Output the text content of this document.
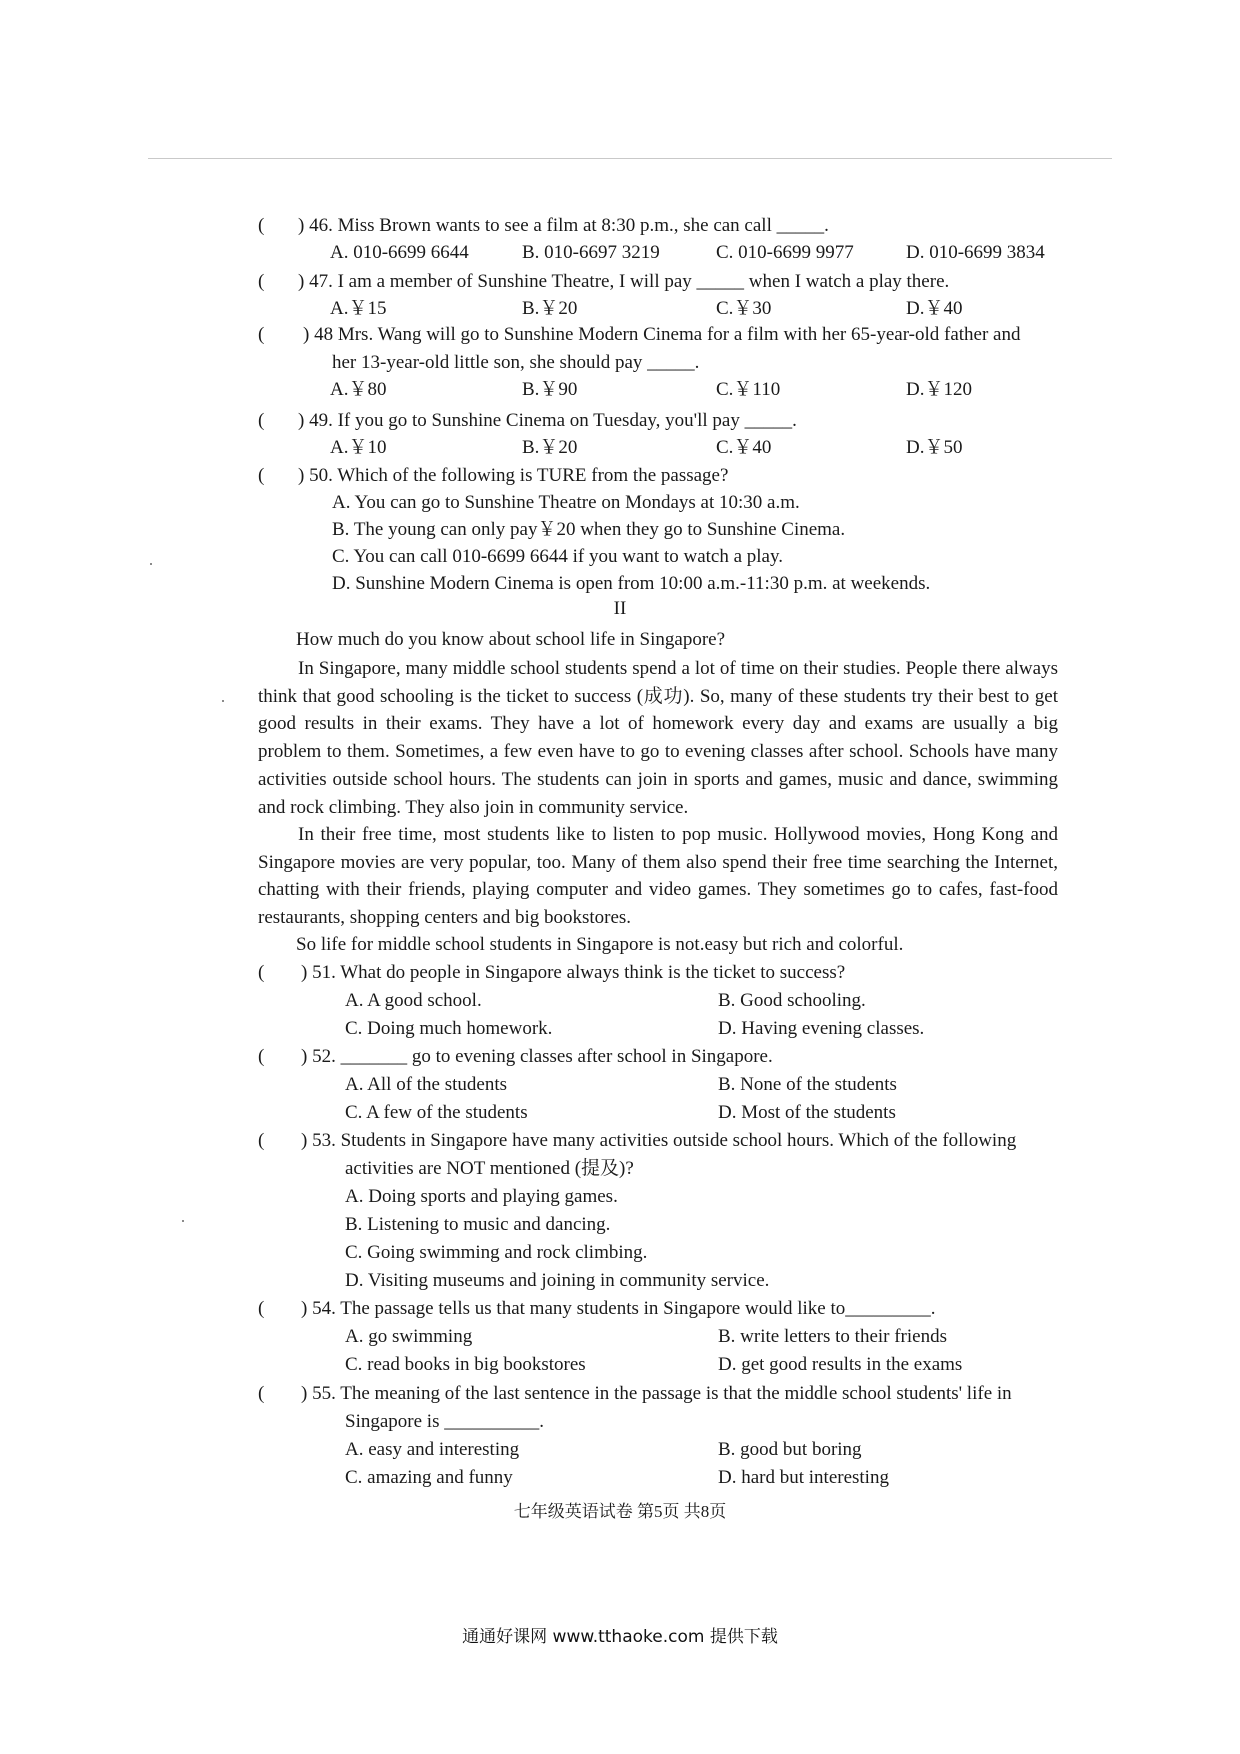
( ) 46. Miss Brown wants to see a film at 8:30 p.m., she can call _____.
A. 010-6699 6644	B. 010-6697 3219	C. 010-6699 9977	D. 010-6699 3834
( ) 47. I am a member of Sunshine Theatre, I will pay _____ when I watch a play there.
A.￥15	B.￥20	C.￥30	D.￥40
( ) 48 Mrs. Wang will go to Sunshine Modern Cinema for a film with her 65-year-old father and
her 13-year-old little son, she should pay _____.
A.￥80	B.￥90	C.￥110	D.￥120
( ) 49. If you go to Sunshine Cinema on Tuesday, you'll pay _____.
A.￥10	B.￥20	C.￥40	D.￥50
( ) 50. Which of the following is TURE from the passage?
A. You can go to Sunshine Theatre on Mondays at 10:30 a.m.
B. The young can only pay￥20 when they go to Sunshine Cinema.
C. You can call 010-6699 6644 if you want to watch a play.
D. Sunshine Modern Cinema is open from 10:00 a.m.-11:30 p.m. at weekends.
II
How much do you know about school life in Singapore?
In Singapore, many middle school students spend a lot of time on their studies. People there always think that good schooling is the ticket to success (成功). So, many of these students try their best to get good results in their exams. They have a lot of homework every day and exams are usually a big problem to them. Sometimes, a few even have to go to evening classes after school. Schools have many activities outside school hours. The students can join in sports and games, music and dance, swimming and rock climbing. They also join in community service.
In their free time, most students like to listen to pop music. Hollywood movies, Hong Kong and Singapore movies are very popular, too. Many of them also spend their free time searching the Internet, chatting with their friends, playing computer and video games. They sometimes go to cafes, fast-food restaurants, shopping centers and big bookstores.
So life for middle school students in Singapore is not.easy but rich and colorful.
( ) 51. What do people in Singapore always think is the ticket to success?
A. A good school.	B. Good schooling.
C. Doing much homework.	D. Having evening classes.
( ) 52. _______ go to evening classes after school in Singapore.
A. All of the students	B. None of the students
C. A few of the students	D. Most of the students
( ) 53. Students in Singapore have many activities outside school hours. Which of the following
activities are NOT mentioned (提及)?
A. Doing sports and playing games.
B. Listening to music and dancing.
C. Going swimming and rock climbing.
D. Visiting museums and joining in community service.
( ) 54. The passage tells us that many students in Singapore would like to_________.
A. go swimming	B. write letters to their friends
C. read books in big bookstores	D. get good results in the exams
( ) 55. The meaning of the last sentence in the passage is that the middle school students' life in
Singapore is __________.
A. easy and interesting	B. good but boring
C. amazing and funny	D. hard but interesting
七年级英语试卷 第5页 共8页
通通好课网 www.tthaoke.com 提供下载
